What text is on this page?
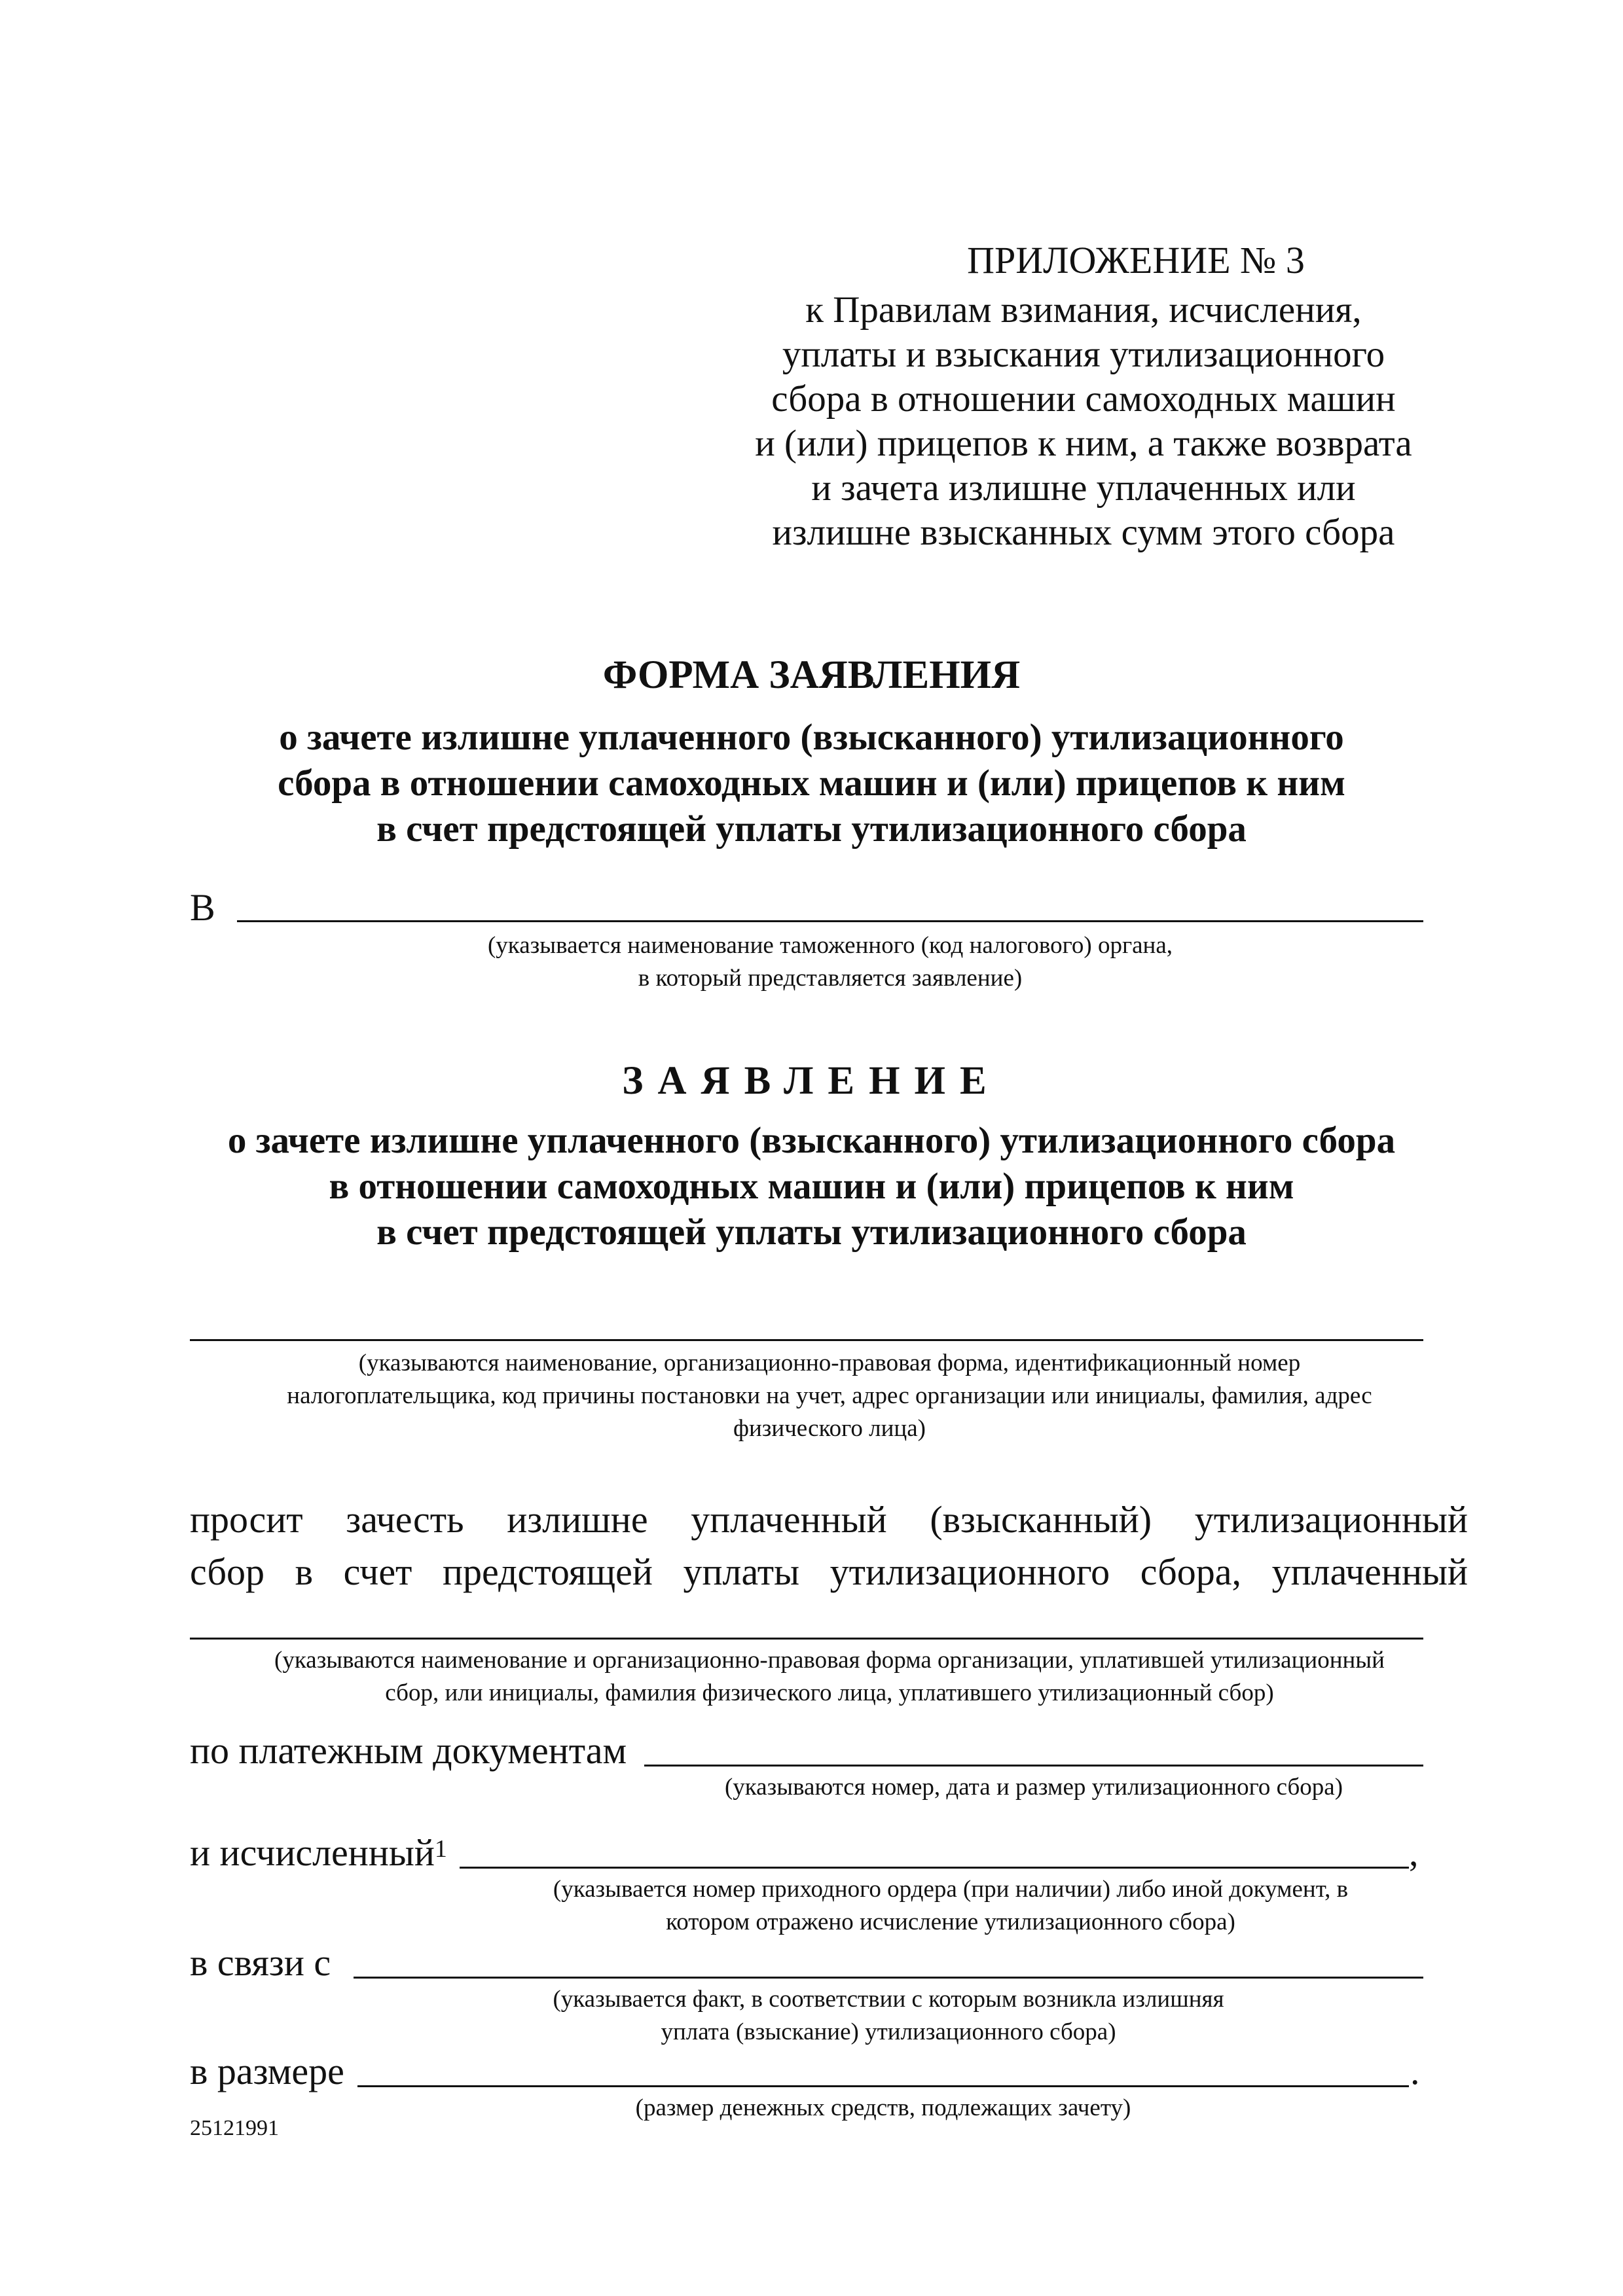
ПРИЛОЖЕНИЕ № 3
к Правилам взимания, исчисления,
уплаты и взыскания утилизационного
сбора в отношении самоходных машин
и (или) прицепов к ним, а также возврата
и зачета излишне уплаченных или
излишне взысканных сумм этого сбора
ФОРМА ЗАЯВЛЕНИЯ
о зачете излишне уплаченного (взысканного) утилизационного
сбора в отношении самоходных машин и (или) прицепов к ним
в счет предстоящей уплаты утилизационного сбора
В
(указывается наименование таможенного (код налогового) органа,
в который представляется заявление)
ЗАЯВЛЕНИЕ
о зачете излишне уплаченного (взысканного) утилизационного сбора
в отношении самоходных машин и (или) прицепов к ним
в счет предстоящей уплаты утилизационного сбора
(указываются наименование, организационно-правовая форма, идентификационный номер
налогоплательщика, код причины постановки на учет, адрес организации или инициалы, фамилия, адрес
физического лица)
просит зачесть излишне уплаченный (взысканный) утилизационный
сбор в счет предстоящей уплаты утилизационного сбора, уплаченный
(указываются наименование и организационно-правовая форма организации, уплатившей утилизационный
сбор, или инициалы, фамилия физического лица, уплатившего утилизационный сбор)
по платежным документам
(указываются номер, дата и размер утилизационного сбора)
и исчисленный$^1$	,
(указывается номер приходного ордера (при наличии) либо иной документ, в
котором отражено исчисление утилизационного сбора)
в связи с
(указывается факт, в соответствии с которым возникла излишняя
уплата (взыскание) утилизационного сбора)
в размере	.
(размер денежных средств, подлежащих зачету)
25121991
